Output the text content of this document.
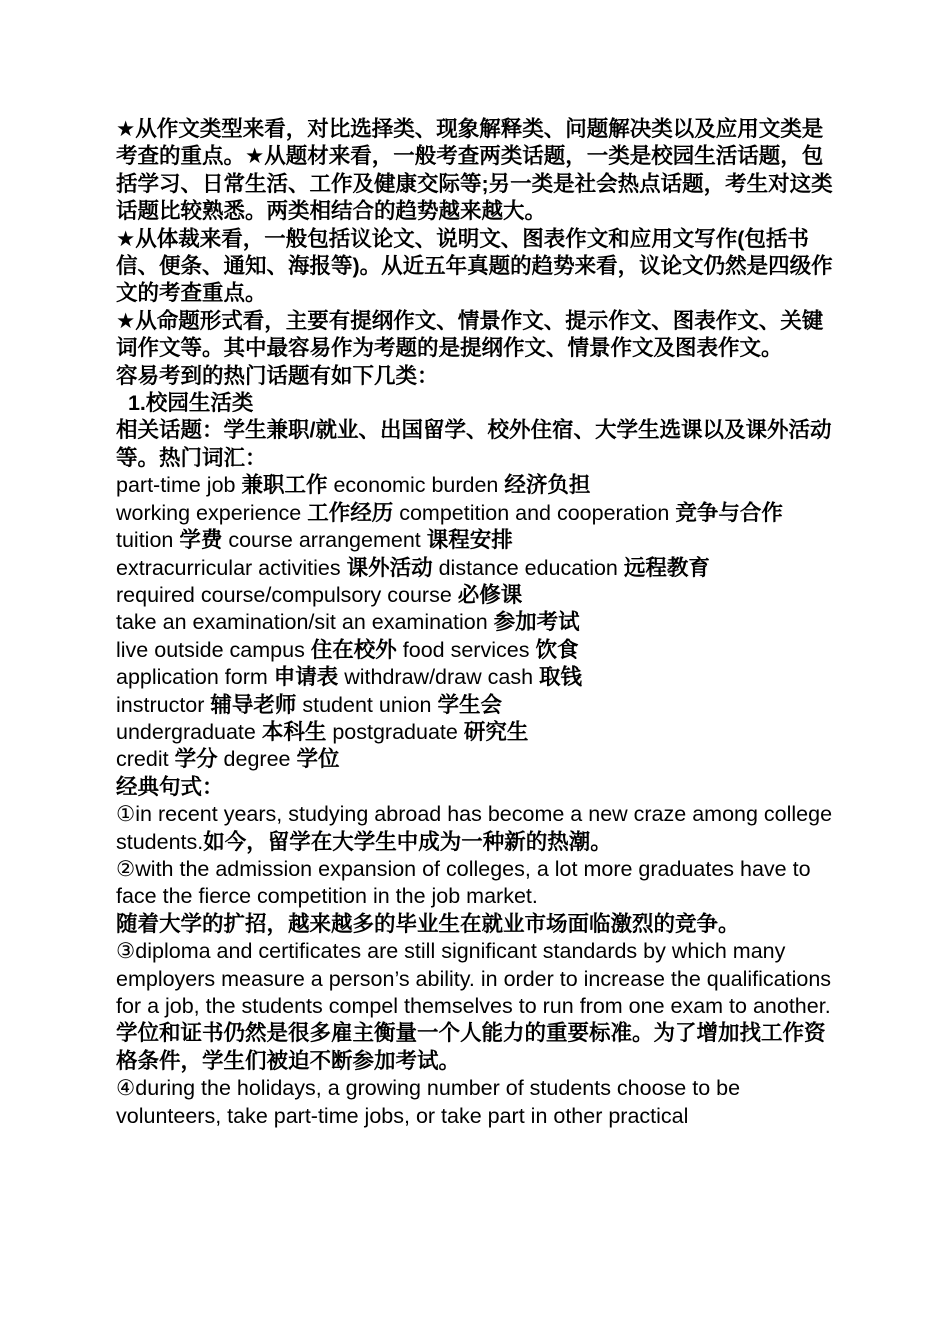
★从作文类型来看，对比选择类、现象解释类、问题解决类以及应用文类是考查的重点。★从题材来看，一般考查两类话题，一类是校园生活话题，包括学习、日常生活、工作及健康交际等;另一类是社会热点话题，考生对这类话题比较熟悉。两类相结合的趋势越来越大。

★从体裁来看，一般包括议论文、说明文、图表作文和应用文写作(包括书信、便条、通知、海报等)。从近五年真题的趋势来看，议论文仍然是四级作文的考查重点。

★从命题形式看，主要有提纲作文、情景作文、提示作文、图表作文、关键词作文等。其中最容易作为考题的是提纲作文、情景作文及图表作文。

容易考到的热门话题有如下几类：

1.校园生活类

相关话题：学生兼职/就业、出国留学、校外住宿、大学生选课以及课外活动等。热门词汇：

part-time job 兼职工作 economic burden 经济负担

working experience 工作经历 competition and cooperation 竞争与合作

tuition 学费 course arrangement 课程安排

extracurricular activities 课外活动 distance education 远程教育

required course/compulsory course 必修课

take an examination/sit an examination 参加考试

live outside campus 住在校外 food services 饮食

application form 申请表 withdraw/draw cash 取钱

instructor 辅导老师 student union 学生会

undergraduate 本科生 postgraduate 研究生

credit 学分 degree 学位

经典句式：

①in recent years, studying abroad has become a new craze among college students.如今，留学在大学生中成为一种新的热潮。

②with the admission expansion of colleges, a lot more graduates have to face the fierce competition in the job market.

随着大学的扩招，越来越多的毕业生在就业市场面临激烈的竞争。

③diploma and certificates are still significant standards by which many employers measure a person’s ability. in order to increase the qualifications for a job, the students compel themselves to run from one exam to another.

学位和证书仍然是很多雇主衡量一个人能力的重要标准。为了增加找工作资格条件，学生们被迫不断参加考试。

④during the holidays, a growing number of students choose to be volunteers, take part-time jobs, or take part in other practical
